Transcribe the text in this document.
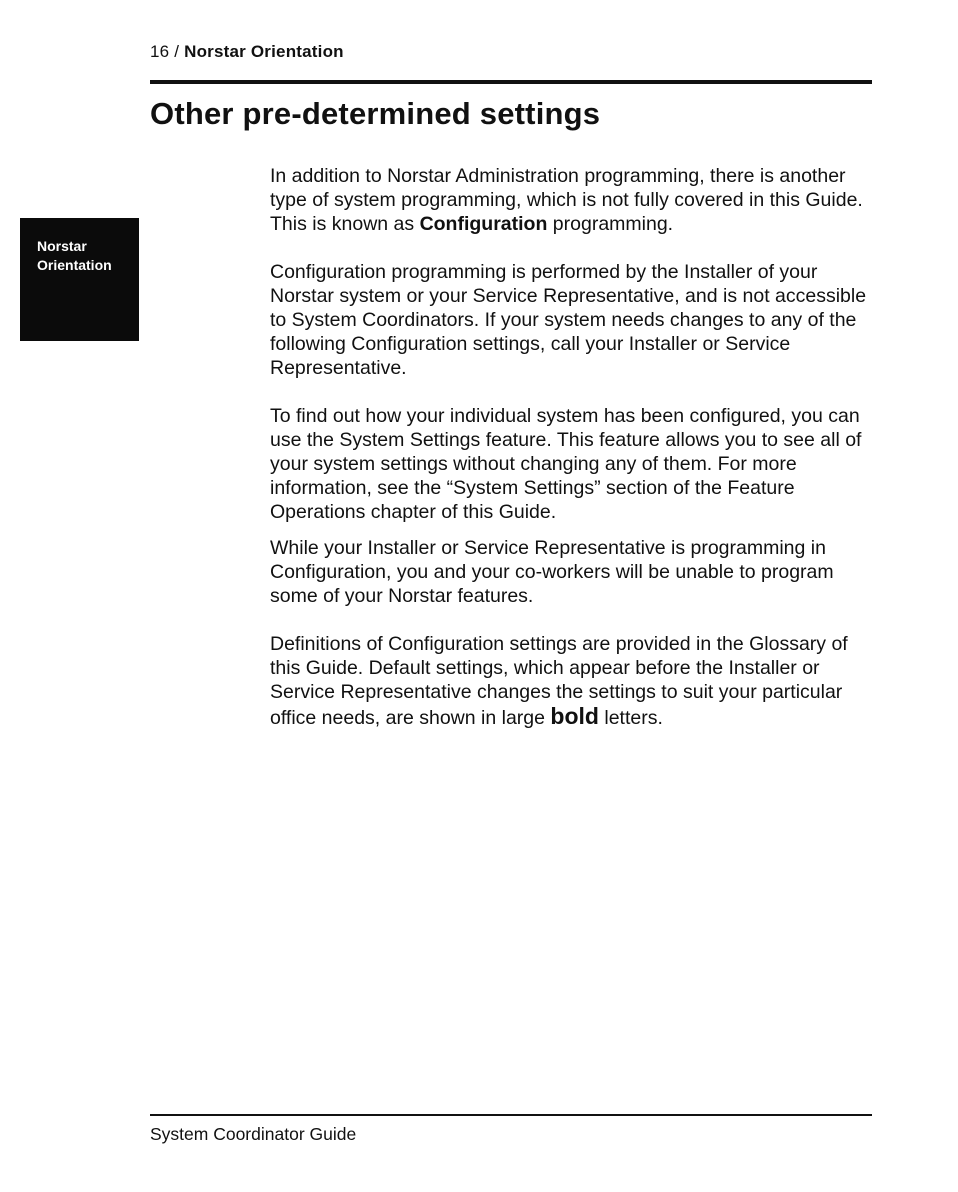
16 / Norstar Orientation
Other pre-determined settings
Norstar
Orientation

In addition to Norstar Administration programming, there is another type of system programming, which is not fully covered in this Guide. This is known as Configuration programming.

Configuration programming is performed by the Installer of your Norstar system or your Service Representative, and is not accessible to System Coordinators. If your system needs changes to any of the following Configuration settings, call your Installer or Service Representative.

To find out how your individual system has been configured, you can use the System Settings feature. This feature allows you to see all of your system settings without changing any of them. For more information, see the “System Settings” section of the Feature Operations chapter of this Guide.

While your Installer or Service Representative is programming in Configuration, you and your co-workers will be unable to program some of your Norstar features.

Definitions of Configuration settings are provided in the Glossary of this Guide. Default settings, which appear before the Installer or Service Representative changes the settings to suit your particular office needs, are shown in large bold letters.

System Coordinator Guide
